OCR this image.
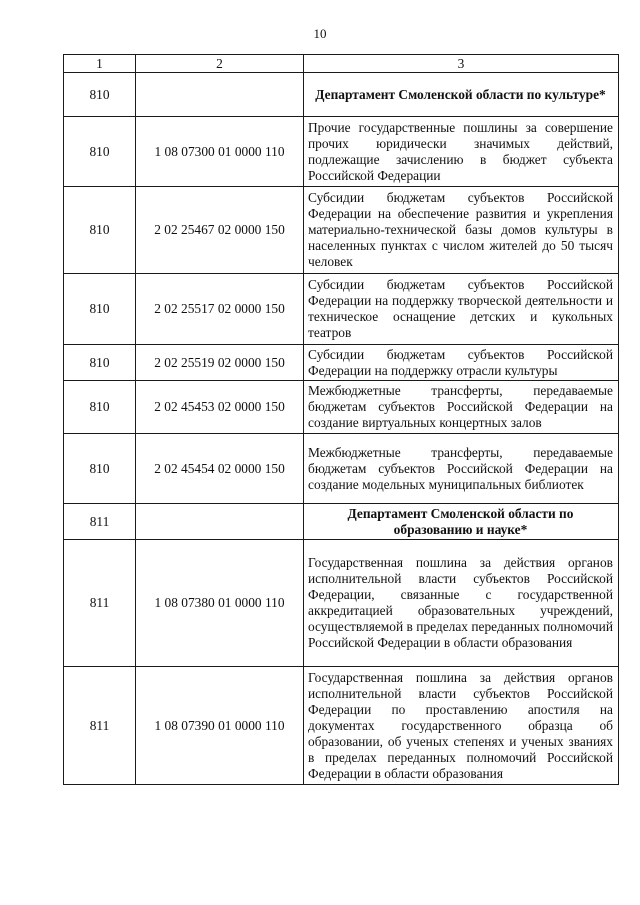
10
1	2	3
810		Департамент Смоленской области по культуре*
810	1 08 07300 01 0000 110	Прочие государственные пошлины за совершение прочих юридически значимых действий, подлежащие зачислению в бюджет субъекта Российской Федерации
810	2 02 25467 02 0000 150	Субсидии бюджетам субъектов Российской Федерации на обеспечение развития и укрепления материально-технической базы домов культуры в населенных пунктах с числом жителей до 50 тысяч человек
810	2 02 25517 02 0000 150	Субсидии бюджетам субъектов Российской Федерации на поддержку творческой деятельности и техническое оснащение детских и кукольных театров
810	2 02 25519 02 0000 150	Субсидии бюджетам субъектов Российской Федерации на поддержку отрасли культуры
810	2 02 45453 02 0000 150	Межбюджетные трансферты, передаваемые бюджетам субъектов Российской Федерации на создание виртуальных концертных залов
810	2 02 45454 02 0000 150	Межбюджетные трансферты, передаваемые бюджетам субъектов Российской Федерации на создание модельных муниципальных библиотек
811		Департамент Смоленской области по образованию и науке*
811	1 08 07380 01 0000 110	Государственная пошлина за действия органов исполнительной власти субъектов Российской Федерации, связанные с государственной аккредитацией образовательных учреждений, осуществляемой в пределах переданных полномочий Российской Федерации в области образования
811	1 08 07390 01 0000 110	Государственная пошлина за действия органов исполнительной власти субъектов Российской Федерации по проставлению апостиля на документах государственного образца об образовании, об ученых степенях и ученых званиях в пределах переданных полномочий Российской Федерации в области образования
